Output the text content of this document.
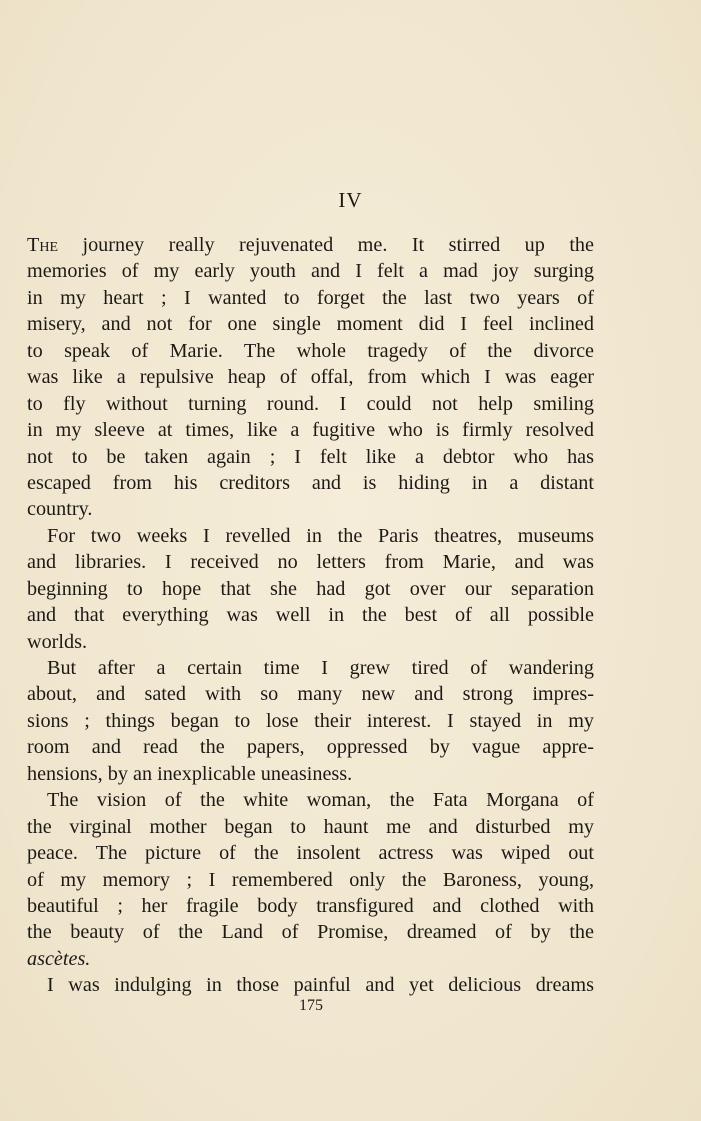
IV
The journey really rejuvenated me. It stirred up the
memories of my early youth and I felt a mad joy surging
in my heart ; I wanted to forget the last two years of
misery, and not for one single moment did I feel inclined
to speak of Marie. The whole tragedy of the divorce
was like a repulsive heap of offal, from which I was eager
to fly without turning round. I could not help smiling
in my sleeve at times, like a fugitive who is firmly resolved
not to be taken again ; I felt like a debtor who has
escaped from his creditors and is hiding in a distant
country.
For two weeks I revelled in the Paris theatres, museums
and libraries. I received no letters from Marie, and was
beginning to hope that she had got over our separation
and that everything was well in the best of all possible
worlds.
But after a certain time I grew tired of wandering
about, and sated with so many new and strong impres-
sions ; things began to lose their interest. I stayed in my
room and read the papers, oppressed by vague appre-
hensions, by an inexplicable uneasiness.
The vision of the white woman, the Fata Morgana of
the virginal mother began to haunt me and disturbed my
peace. The picture of the insolent actress was wiped out
of my memory ; I remembered only the Baroness, young,
beautiful ; her fragile body transfigured and clothed with
the beauty of the Land of Promise, dreamed of by the
ascètes.
I was indulging in those painful and yet delicious dreams
175
